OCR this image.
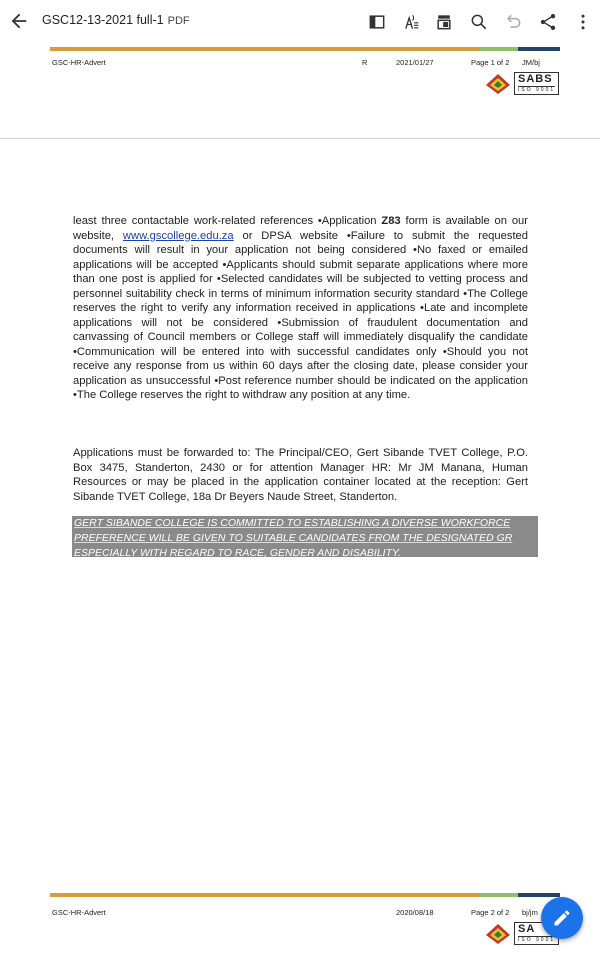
GSC12-13-2021 full-1 PDF
GSC-HR-Advert	R	2021/01/27	Page 1 of 2 JM/bj
SABS
ISO 9001
least three contactable work-related references •Application Z83 form is available on our website, www.gscollege.edu.za or DPSA website •Failure to submit the requested documents will result in your application not being considered •No faxed or emailed applications will be accepted •Applicants should submit separate applications where more than one post is applied for •Selected candidates will be subjected to vetting process and personnel suitability check in terms of minimum information security standard •The College reserves the right to verify any information received in applications •Late and incomplete applications will not be considered •Submission of fraudulent documentation and canvassing of Council members or College staff will immediately disqualify the candidate •Communication will be entered into with successful candidates only •Should you not receive any response from us within 60 days after the closing date, please consider your application as unsuccessful •Post reference number should be indicated on the application •The College reserves the right to withdraw any position at any time.
Applications must be forwarded to: The Principal/CEO, Gert Sibande TVET College, P.O. Box 3475, Standerton, 2430 or for attention Manager HR: Mr JM Manana, Human Resources or may be placed in the application container located at the reception: Gert Sibande TVET College, 18a Dr Beyers Naude Street, Standerton.

GERT SIBANDE COLLEGE IS COMMITTED TO ESTABLISHING A DIVERSE WORKFORCE

PREFERENCE WILL BE GIVEN TO SUITABLE CANDIDATES FROM THE DESIGNATED GR

ESPECIALLY WITH REGARD TO RACE, GENDER AND DISABILITY.

GSC-HR-Advert	2020/08/18	Page 2 of 2 bj/jm
SA
ISO 9001
